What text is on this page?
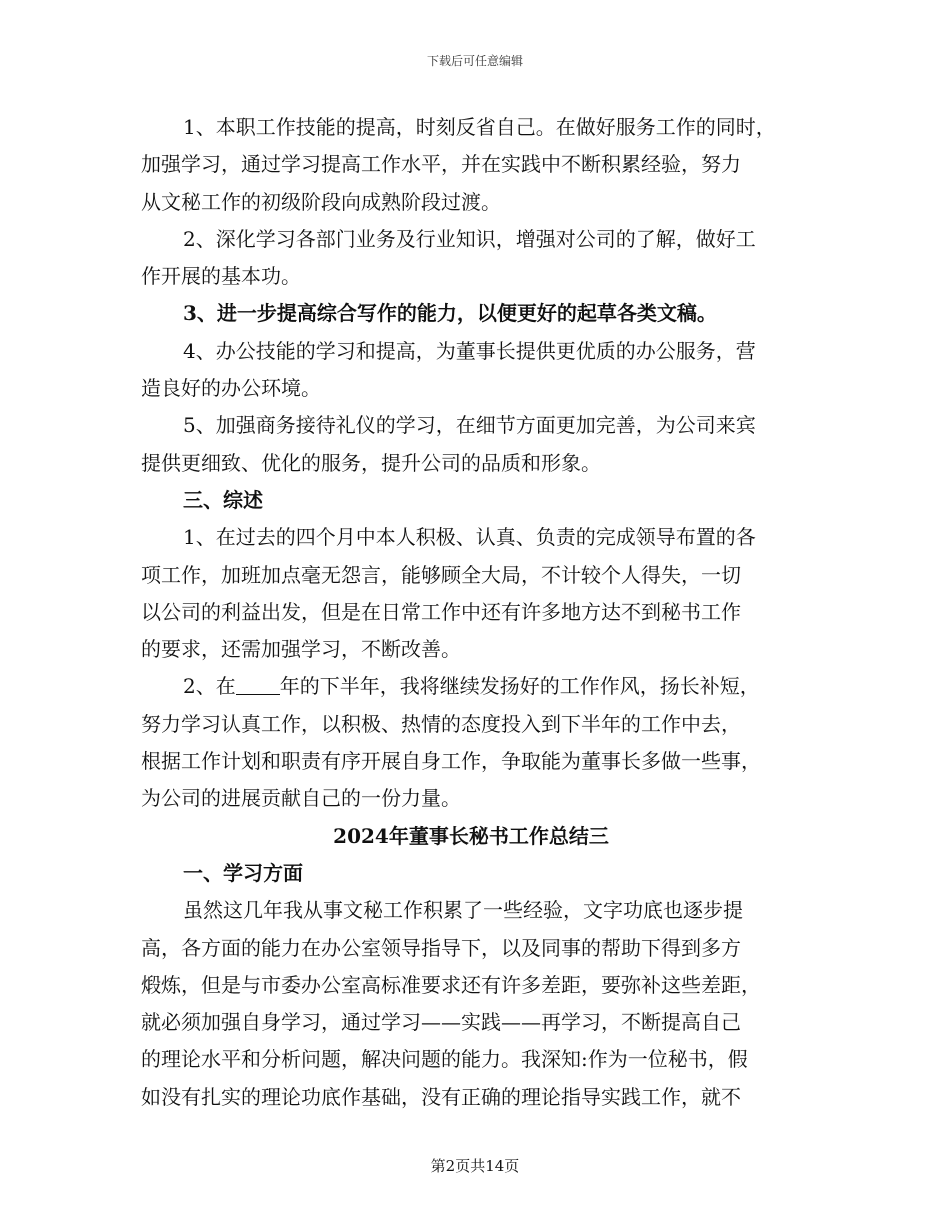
下载后可任意编辑
1、本职工作技能的提高，时刻反省自己。在做好服务工作的同时，
加强学习，通过学习提高工作水平，并在实践中不断积累经验，努力
从文秘工作的初级阶段向成熟阶段过渡。
2、深化学习各部门业务及行业知识，增强对公司的了解，做好工
作开展的基本功。
3、进一步提高综合写作的能力，以便更好的起草各类文稿。
4、办公技能的学习和提高，为董事长提供更优质的办公服务，营
造良好的办公环境。
5、加强商务接待礼仪的学习，在细节方面更加完善，为公司来宾
提供更细致、优化的服务，提升公司的品质和形象。
三、综述
1、在过去的四个月中本人积极、认真、负责的完成领导布置的各
项工作，加班加点毫无怨言，能够顾全大局，不计较个人得失，一切
以公司的利益出发，但是在日常工作中还有许多地方达不到秘书工作
的要求，还需加强学习，不断改善。
2、在 年的下半年，我将继续发扬好的工作作风，扬长补短，
努力学习认真工作，以积极、热情的态度投入到下半年的工作中去，
根据工作计划和职责有序开展自身工作，争取能为董事长多做一些事，
为公司的进展贡献自己的一份力量。
2024年董事长秘书工作总结三
一、学习方面
虽然这几年我从事文秘工作积累了一些经验，文字功底也逐步提
高，各方面的能力在办公室领导指导下，以及同事的帮助下得到多方
煅炼，但是与市委办公室高标准要求还有许多差距，要弥补这些差距，
就必须加强自身学习，通过学习——实践——再学习，不断提高自己
的理论水平和分析问题，解决问题的能力。我深知:作为一位秘书，假
如没有扎实的理论功底作基础，没有正确的理论指导实践工作，就不
第2页共14页
